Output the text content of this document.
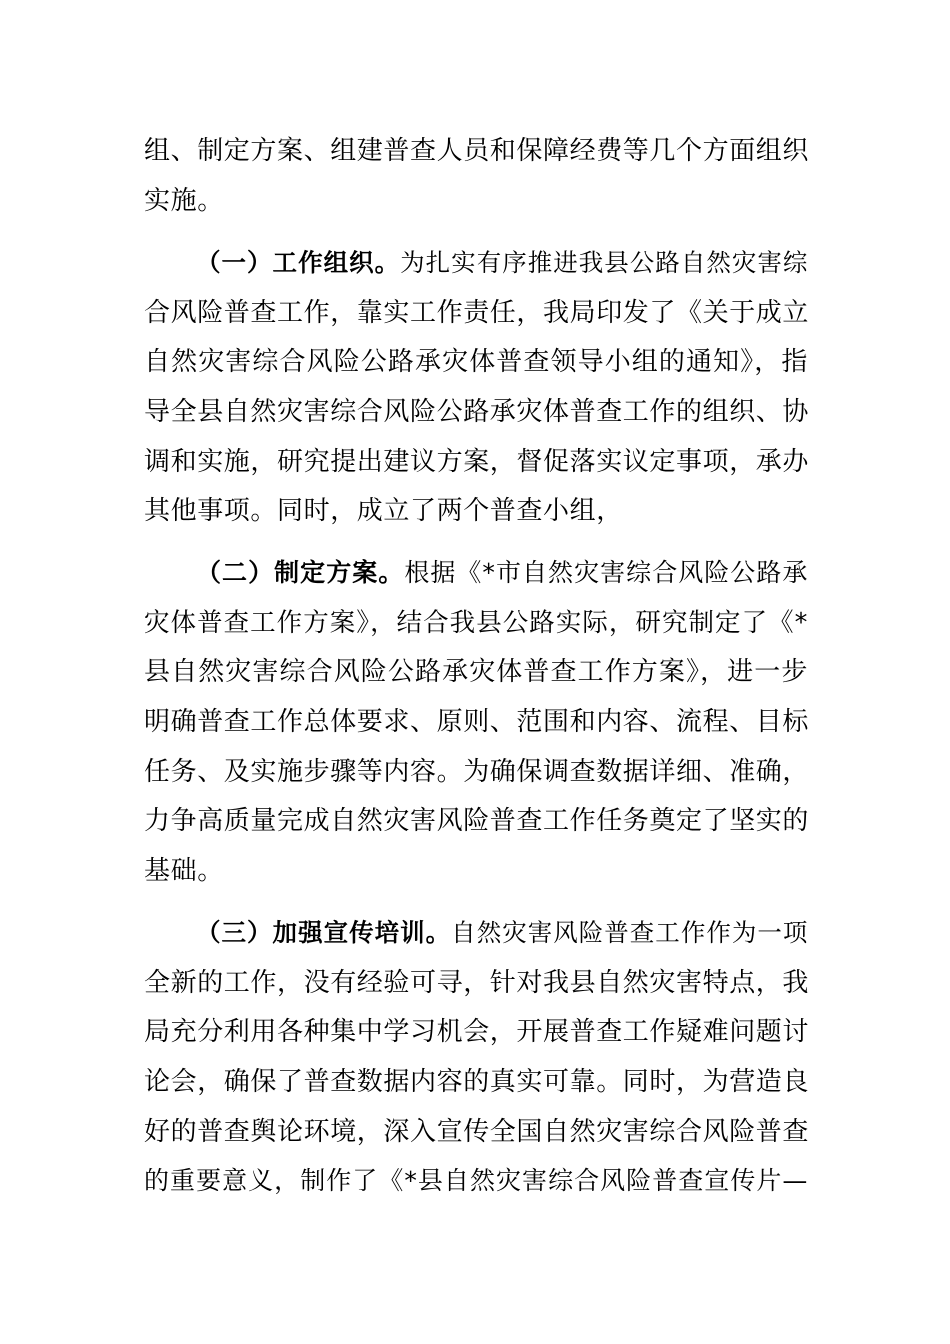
组、制定方案、组建普查人员和保障经费等几个方面组织
实施。
（一）工作组织。为扎实有序推进我县公路自然灾害综
合风险普查工作，靠实工作责任，我局印发了《关于成立
自然灾害综合风险公路承灾体普查领导小组的通知》，指
导全县自然灾害综合风险公路承灾体普查工作的组织、协
调和实施，研究提出建议方案，督促落实议定事项，承办
其他事项。同时，成立了两个普查小组，
（二）制定方案。根据《*市自然灾害综合风险公路承
灾体普查工作方案》，结合我县公路实际，研究制定了《*
县自然灾害综合风险公路承灾体普查工作方案》，进一步
明确普查工作总体要求、原则、范围和内容、流程、目标
任务、及实施步骤等内容。为确保调查数据详细、准确，
力争高质量完成自然灾害风险普查工作任务奠定了坚实的
基础。
（三）加强宣传培训。自然灾害风险普查工作作为一项
全新的工作，没有经验可寻，针对我县自然灾害特点，我
局充分利用各种集中学习机会，开展普查工作疑难问题讨
论会，确保了普查数据内容的真实可靠。同时，为营造良
好的普查舆论环境，深入宣传全国自然灾害综合风险普查
的重要意义，制作了《*县自然灾害综合风险普查宣传片—
